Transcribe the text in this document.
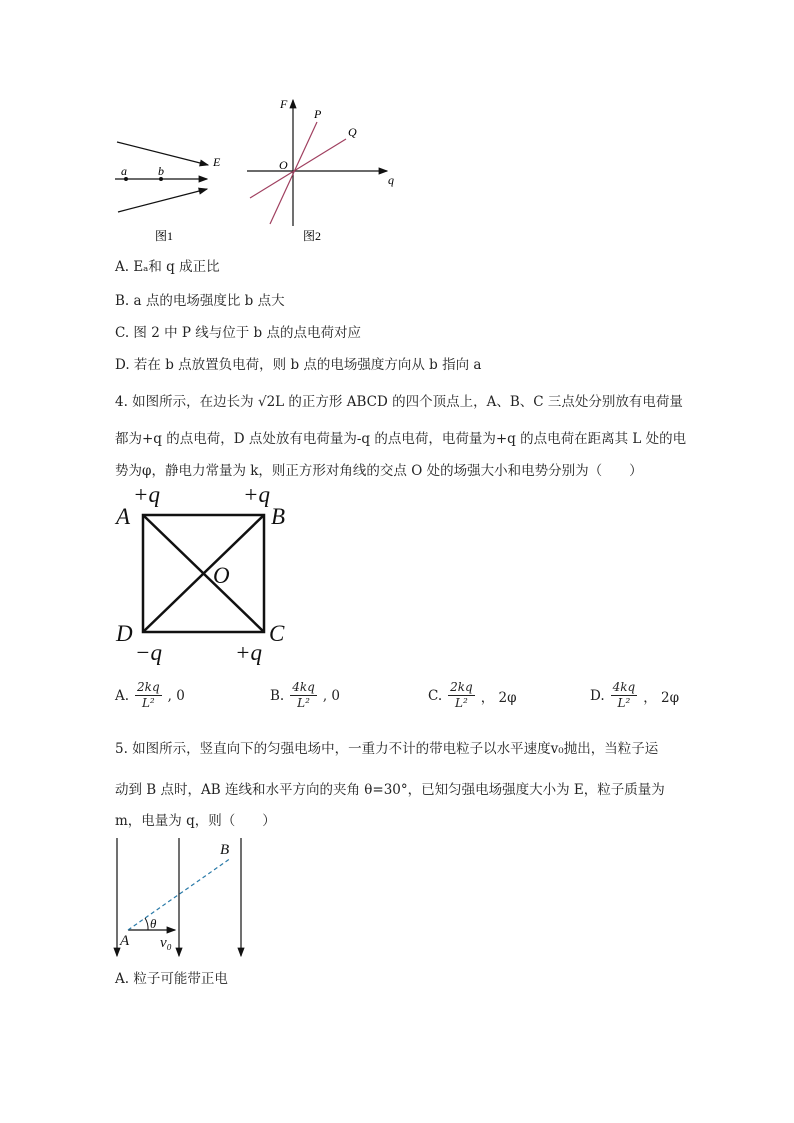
a	b
E
图1
F
P
Q
O
q
图2
+q	+q
A	B
O
D	C
−q	+q
B
A
θ
v₀
A. Eₐ和 q 成正比
B. a 点的电场强度比 b 点大
C. 图 2 中 P 线与位于 b 点的点电荷对应
D. 若在 b 点放置负电荷，则 b 点的电场强度方向从 b 指向 a
4. 如图所示，在边长为 √2L 的正方形 ABCD 的四个顶点上，A、B、C 三点处分别放有电荷量
都为+q 的点电荷，D 点处放有电荷量为-q 的点电荷，电荷量为+q 的点电荷在距离其 L 处的电
势为φ，静电力常量为 k，则正方形对角线的交点 O 处的场强大小和电势分别为（　　）
A. $\frac{2kq}{\text{L²}}$ , 0	B. $\frac{4kq}{\text{L²}}$ , 0	C. $\frac{2kq}{\text{L²}}$ ， 2φ	D. $\frac{4kq}{\text{L²}}$ ， 2φ
5. 如图所示，竖直向下的匀强电场中，一重力不计的带电粒子以水平速度v₀抛出，当粒子运
动到 B 点时，AB 连线和水平方向的夹角 θ=30°，已知匀强电场强度大小为 E，粒子质量为
m，电量为 q，则（　　）
A. 粒子可能带正电
